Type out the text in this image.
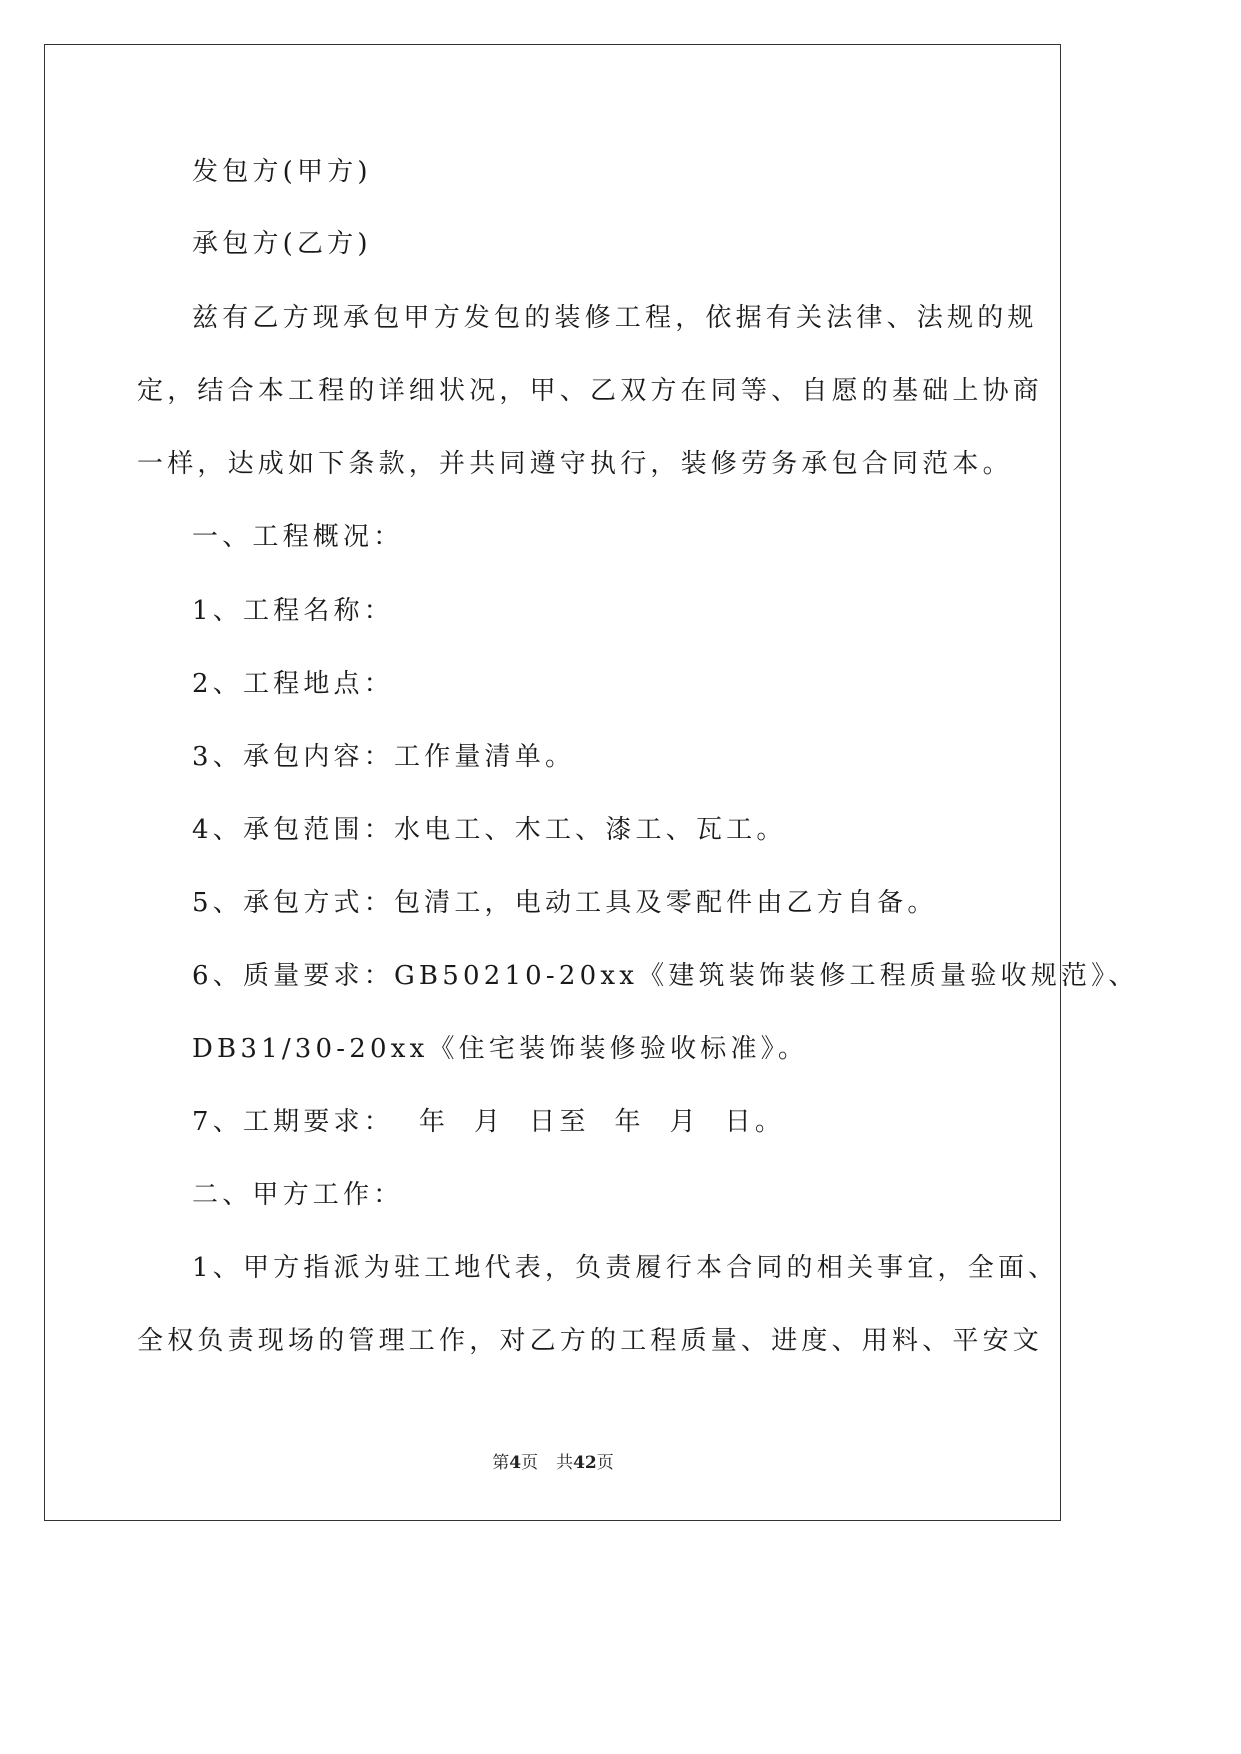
发包方(甲方)
承包方(乙方)
兹有乙方现承包甲方发包的装修工程，依据有关法律、法规的规
定，结合本工程的详细状况，甲、乙双方在同等、自愿的基础上协商
一样，达成如下条款，并共同遵守执行，装修劳务承包合同范本。
一、工程概况：
1、工程名称：
2、工程地点：
3、承包内容：工作量清单。
4、承包范围：水电工、木工、漆工、瓦工。
5、承包方式：包清工，电动工具及零配件由乙方自备。
6、质量要求：GB50210-20xx《建筑装饰装修工程质量验收规范》、
DB31/30-20xx《住宅装饰装修验收标准》。
7、工期要求：  年  月  日至  年  月  日。
二、甲方工作：
1、甲方指派为驻工地代表，负责履行本合同的相关事宜，全面、
全权负责现场的管理工作，对乙方的工程质量、进度、用料、平安文
第4页 共42页
